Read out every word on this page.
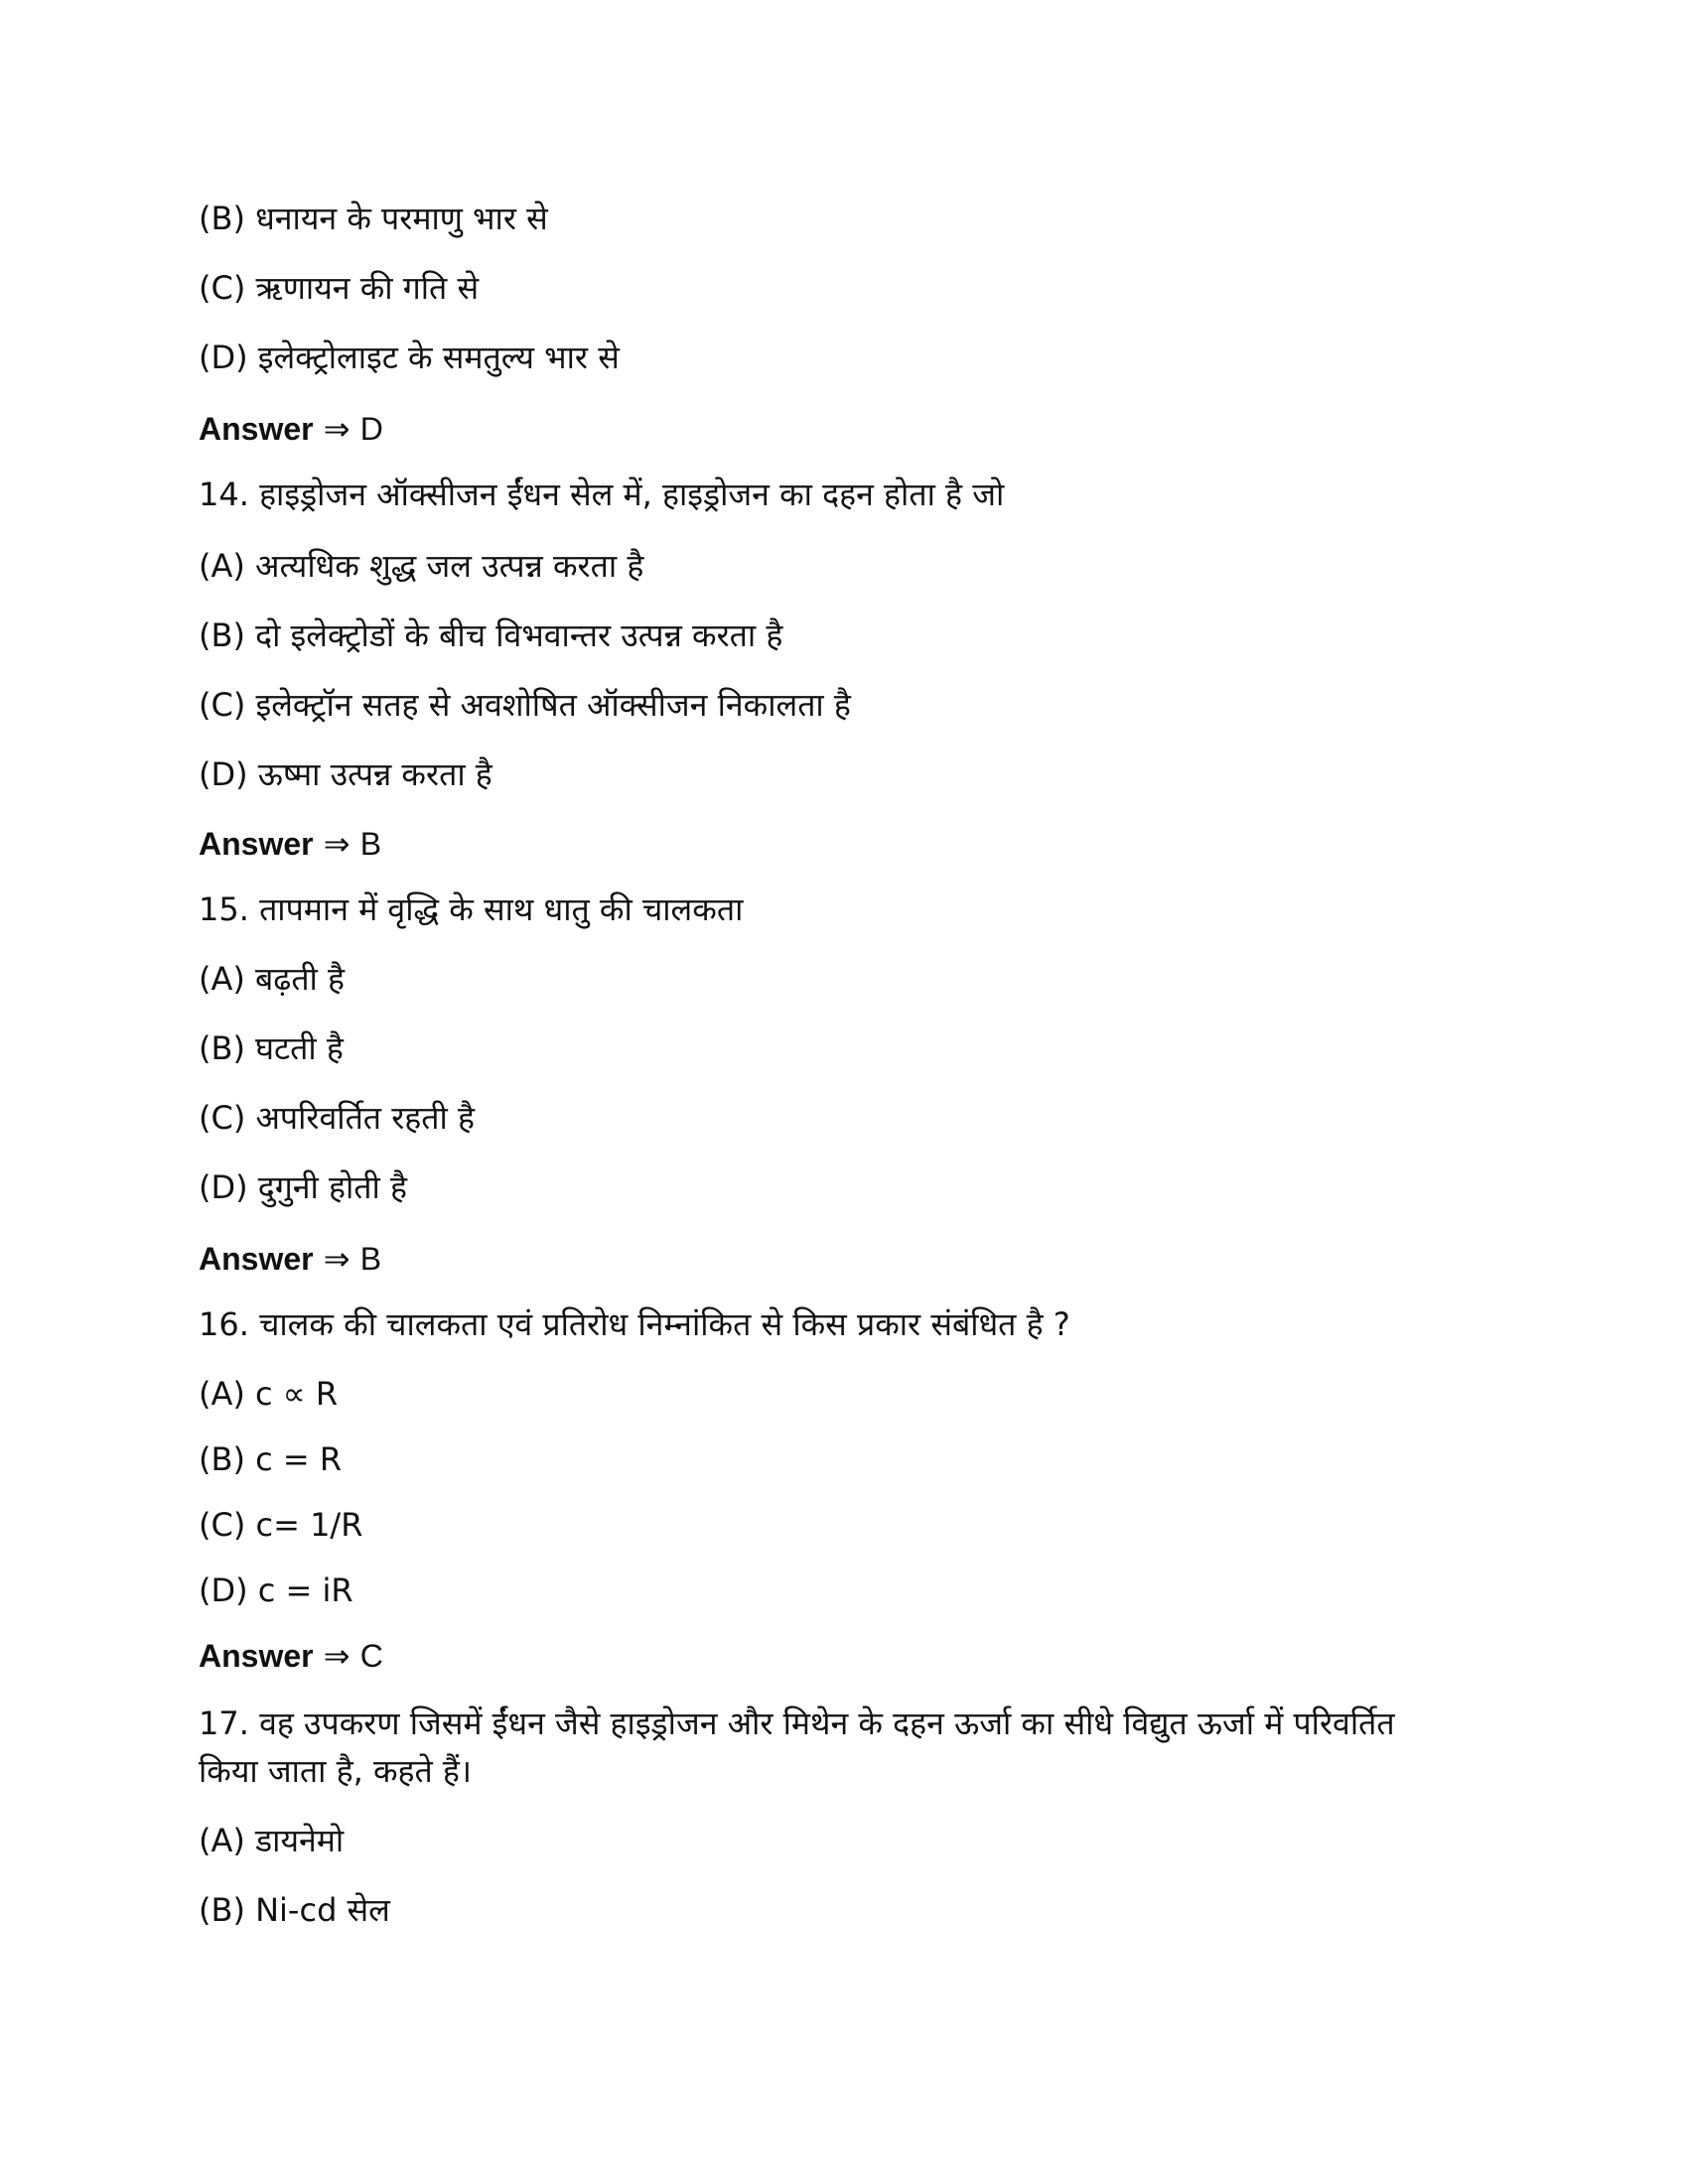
(B) धनायन के परमाणु भार से
(C) ऋणायन की गति से
(D) इलेक्ट्रोलाइट के समतुल्य भार से
Answer ⇒ D
14. हाइड्रोजन ऑक्सीजन ईंधन सेल में, हाइड्रोजन का दहन होता है जो
(A) अत्यधिक शुद्ध जल उत्पन्न करता है
(B) दो इलेक्ट्रोडों के बीच विभवान्तर उत्पन्न करता है
(C) इलेक्ट्रॉन सतह से अवशोषित ऑक्सीजन निकालता है
(D) ऊष्मा उत्पन्न करता है
Answer ⇒ B
15. तापमान में वृद्धि के साथ धातु की चालकता
(A) बढ़ती है
(B) घटती है
(C) अपरिवर्तित रहती है
(D) दुगुनी होती है
Answer ⇒ B
16. चालक की चालकता एवं प्रतिरोध निम्नांकित से किस प्रकार संबंधित है ?
(A) c ∝ R
(B) c = R
(C) c= 1/R
(D) c = iR
Answer ⇒ C
17. वह उपकरण जिसमें ईंधन जैसे हाइड्रोजन और मिथेन के दहन ऊर्जा का सीधे विद्युत ऊर्जा में परिवर्तित किया जाता है, कहते हैं।
(A) डायनेमो
(B) Ni-cd सेल
